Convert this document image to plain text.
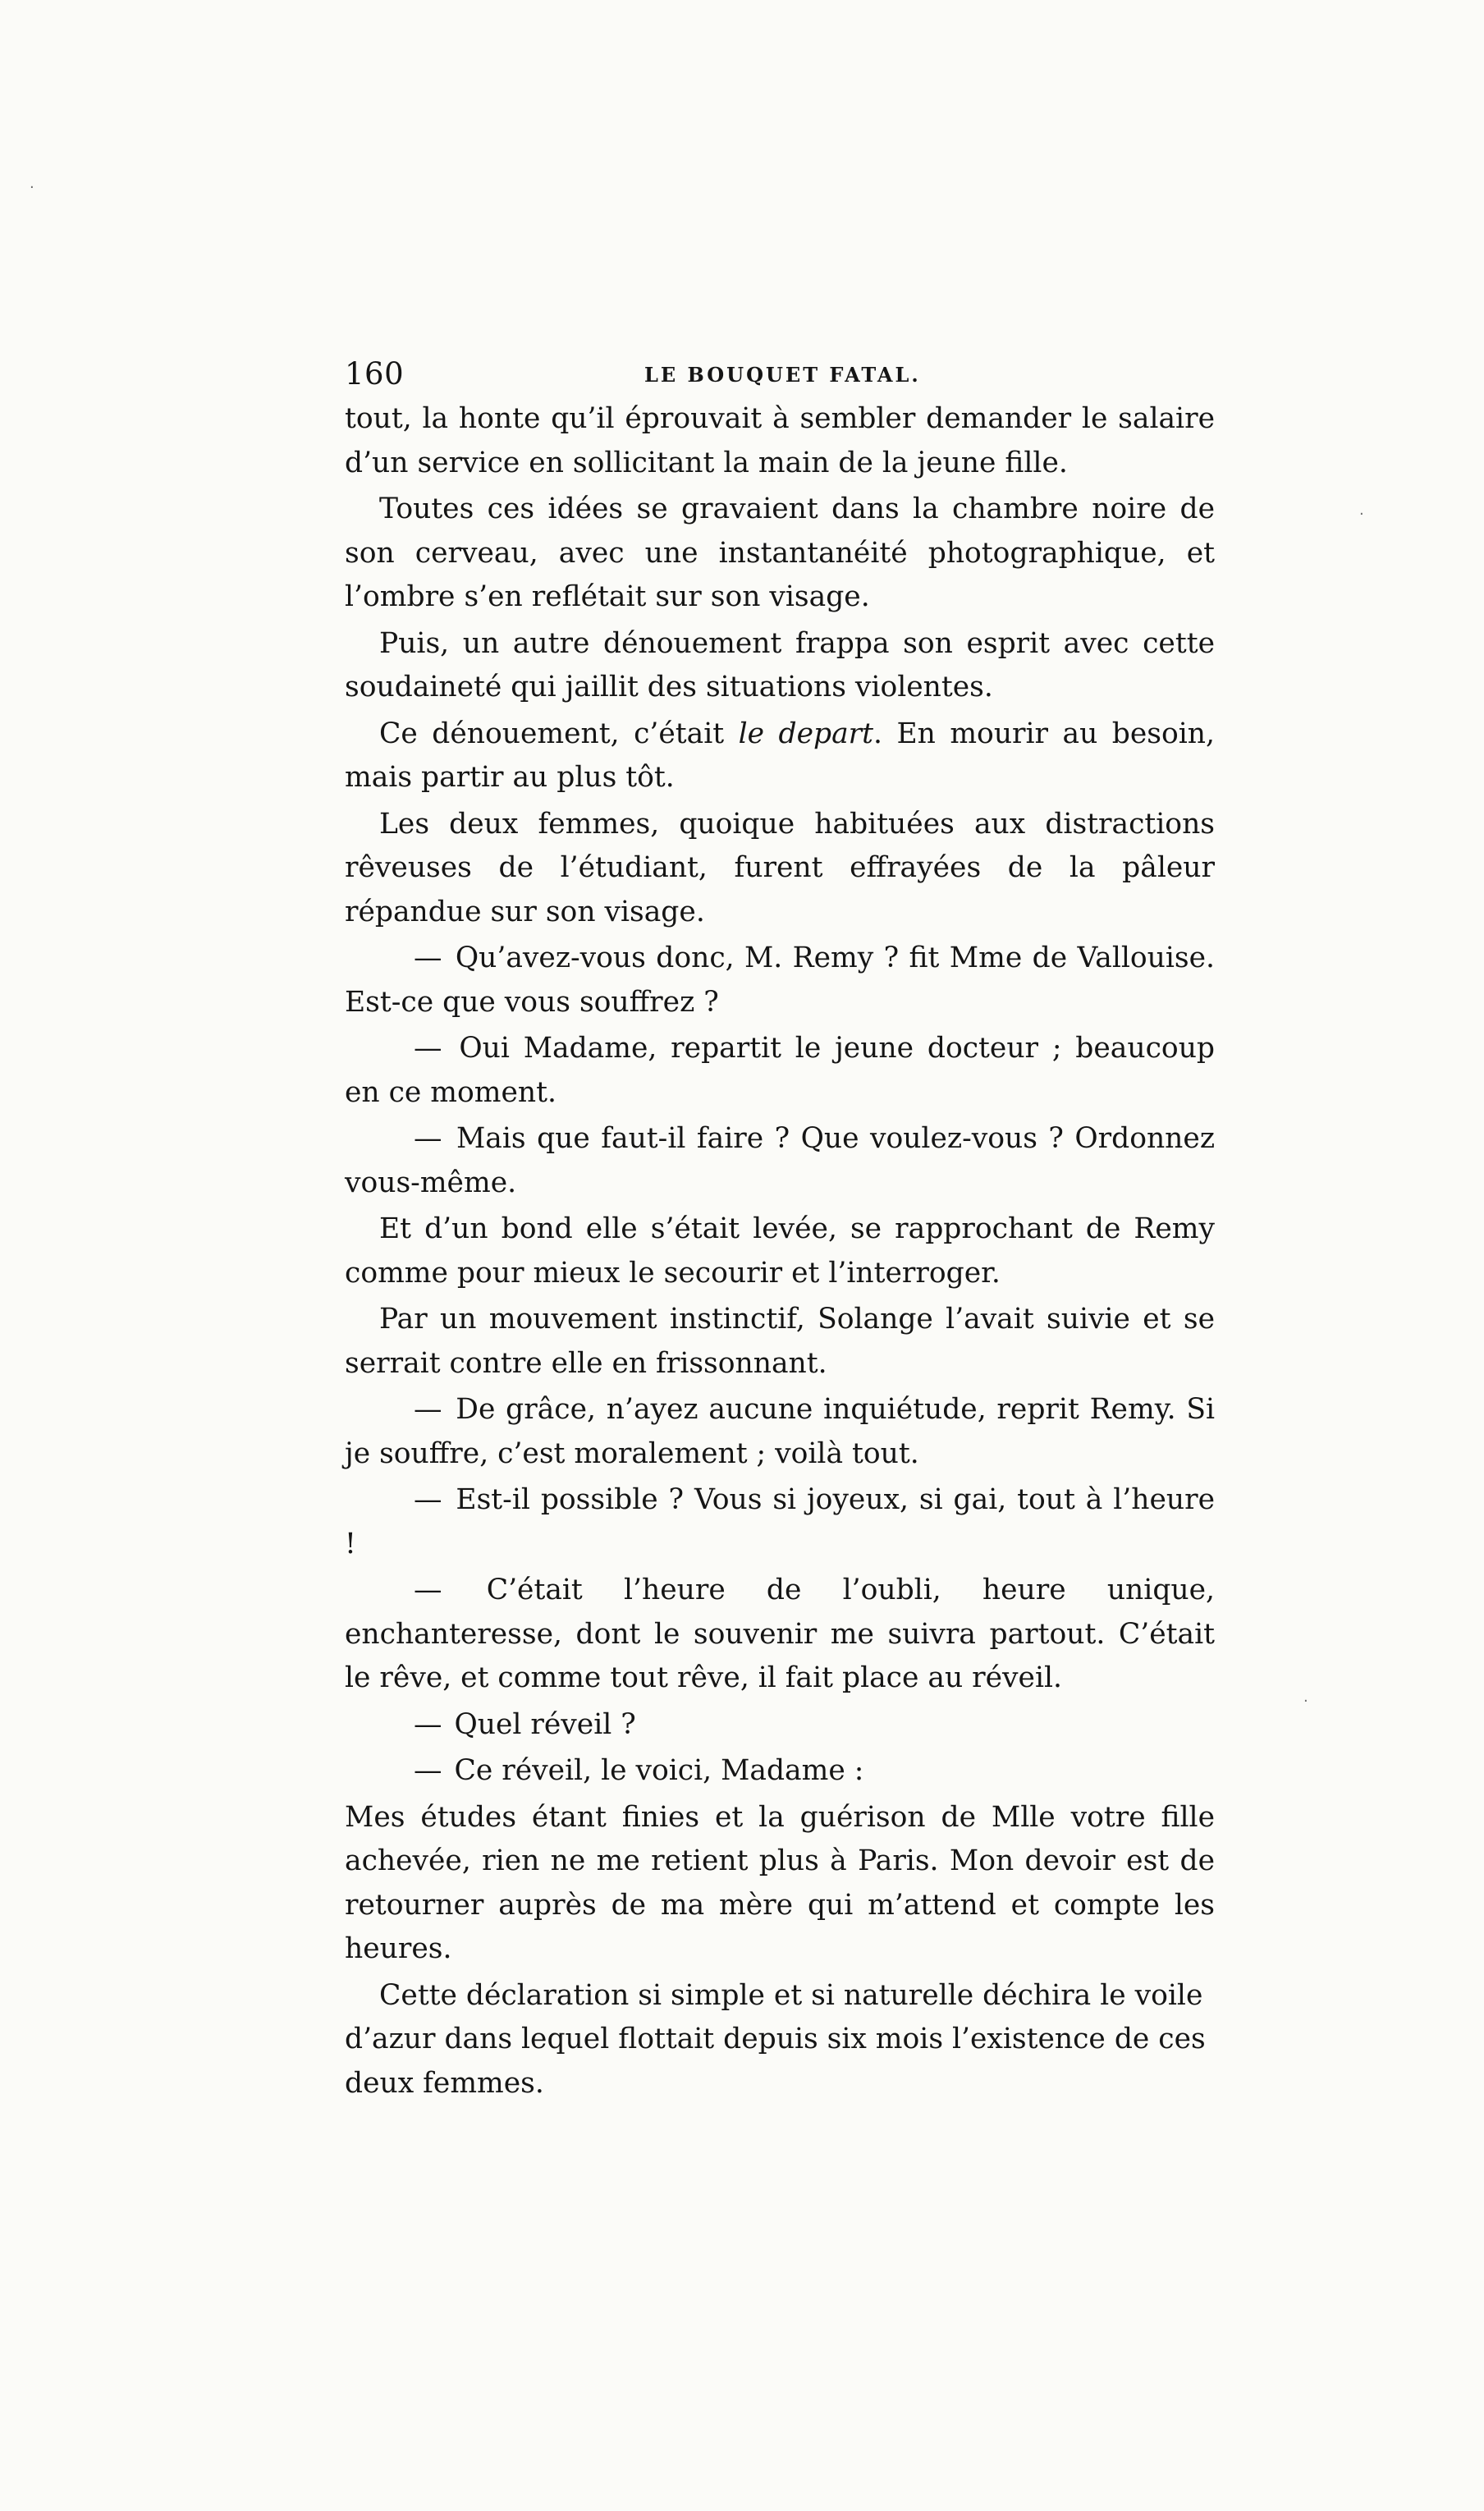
·
·
·
160	LE BOUQUET FATAL.

tout, la honte qu’il éprouvait à sembler demander le salaire d’un service en sollicitant la main de la jeune fille.

Toutes ces idées se gravaient dans la chambre noire de son cerveau, avec une instantanéité photographique, et l’ombre s’en reflétait sur son visage.

Puis, un autre dénouement frappa son esprit avec cette soudaineté qui jaillit des situations violentes.

Ce dénouement, c’était le depart. En mourir au besoin, mais partir au plus tôt.

Les deux femmes, quoique habituées aux distractions rêveuses de l’étudiant, furent effrayées de la pâleur répandue sur son visage.

— Qu’avez-vous donc, M. Remy ? fit Mme de Vallouise. Est-ce que vous souffrez ?

— Oui Madame, repartit le jeune docteur ; beaucoup en ce moment.

— Mais que faut-il faire ? Que voulez-vous ? Ordonnez vous-même.

Et d’un bond elle s’était levée, se rapprochant de Remy comme pour mieux le secourir et l’interroger.

Par un mouvement instinctif, Solange l’avait suivie et se serrait contre elle en frissonnant.

— De grâce, n’ayez aucune inquiétude, reprit Remy. Si je souffre, c’est moralement ; voilà tout.

— Est-il possible ? Vous si joyeux, si gai, tout à l’heure !

— C’était l’heure de l’oubli, heure unique, enchanteresse, dont le souvenir me suivra partout. C’était le rêve, et comme tout rêve, il fait place au réveil.

— Quel réveil ?

— Ce réveil, le voici, Madame :

Mes études étant finies et la guérison de Mlle votre fille achevée, rien ne me retient plus à Paris. Mon devoir est de retourner auprès de ma mère qui m’attend et compte les heures.

Cette déclaration si simple et si naturelle déchira le voile d’azur dans lequel flottait depuis six mois l’existence de ces deux femmes.
